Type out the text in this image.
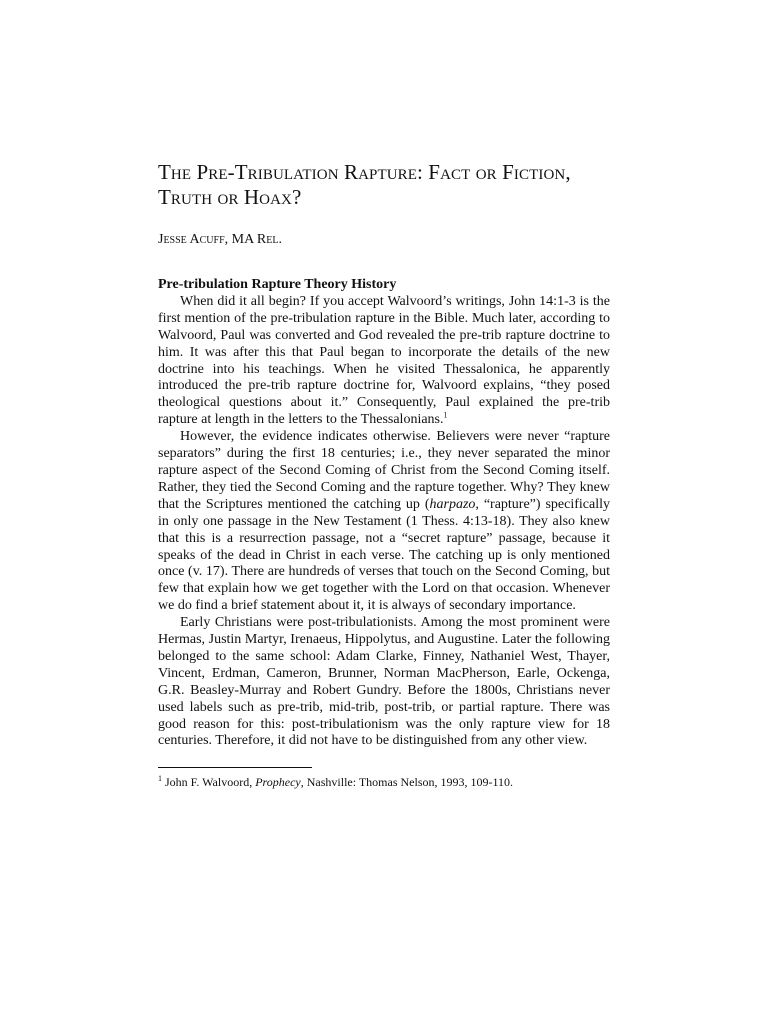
The Pre-Tribulation Rapture: Fact or Fiction,
Truth or Hoax?

Jesse Acuff, MA Rel.

Pre-tribulation Rapture Theory History

When did it all begin? If you accept Walvoord’s writings, John 14:1-3 is the first mention of the pre-tribulation rapture in the Bible. Much later, according to Walvoord, Paul was converted and God revealed the pre-trib rapture doctrine to him. It was after this that Paul began to incorporate the details of the new doctrine into his teachings. When he visited Thessalonica, he apparently introduced the pre-trib rapture doctrine for, Walvoord explains, “they posed theological questions about it.” Consequently, Paul explained the pre-trib rapture at length in the letters to the Thessalonians.$^1$

However, the evidence indicates otherwise. Believers were never “rapture separators” during the first 18 centuries; i.e., they never separated the minor rapture aspect of the Second Coming of Christ from the Second Coming itself. Rather, they tied the Second Coming and the rapture together. Why? They knew that the Scriptures mentioned the catching up (harpazo, “rapture”) specifically in only one passage in the New Testament (1 Thess. 4:13-18). They also knew that this is a resurrection passage, not a “secret rapture” passage, because it speaks of the dead in Christ in each verse. The catching up is only mentioned once (v. 17). There are hundreds of verses that touch on the Second Coming, but few that explain how we get together with the Lord on that occasion. Whenever we do find a brief statement about it, it is always of secondary importance.

Early Christians were post-tribulationists. Among the most prominent were Hermas, Justin Martyr, Irenaeus, Hippolytus, and Augustine. Later the following belonged to the same school: Adam Clarke, Finney, Nathaniel West, Thayer, Vincent, Erdman, Cameron, Brunner, Norman MacPherson, Earle, Ockenga, G.R. Beasley-Murray and Robert Gundry. Before the 1800s, Christians never used labels such as pre-trib, mid-trib, post-trib, or partial rapture. There was good reason for this: post-tribulationism was the only rapture view for 18 centuries. Therefore, it did not have to be distinguished from any other view.

$^1$ John F. Walvoord, Prophecy, Nashville: Thomas Nelson, 1993, 109-110.
